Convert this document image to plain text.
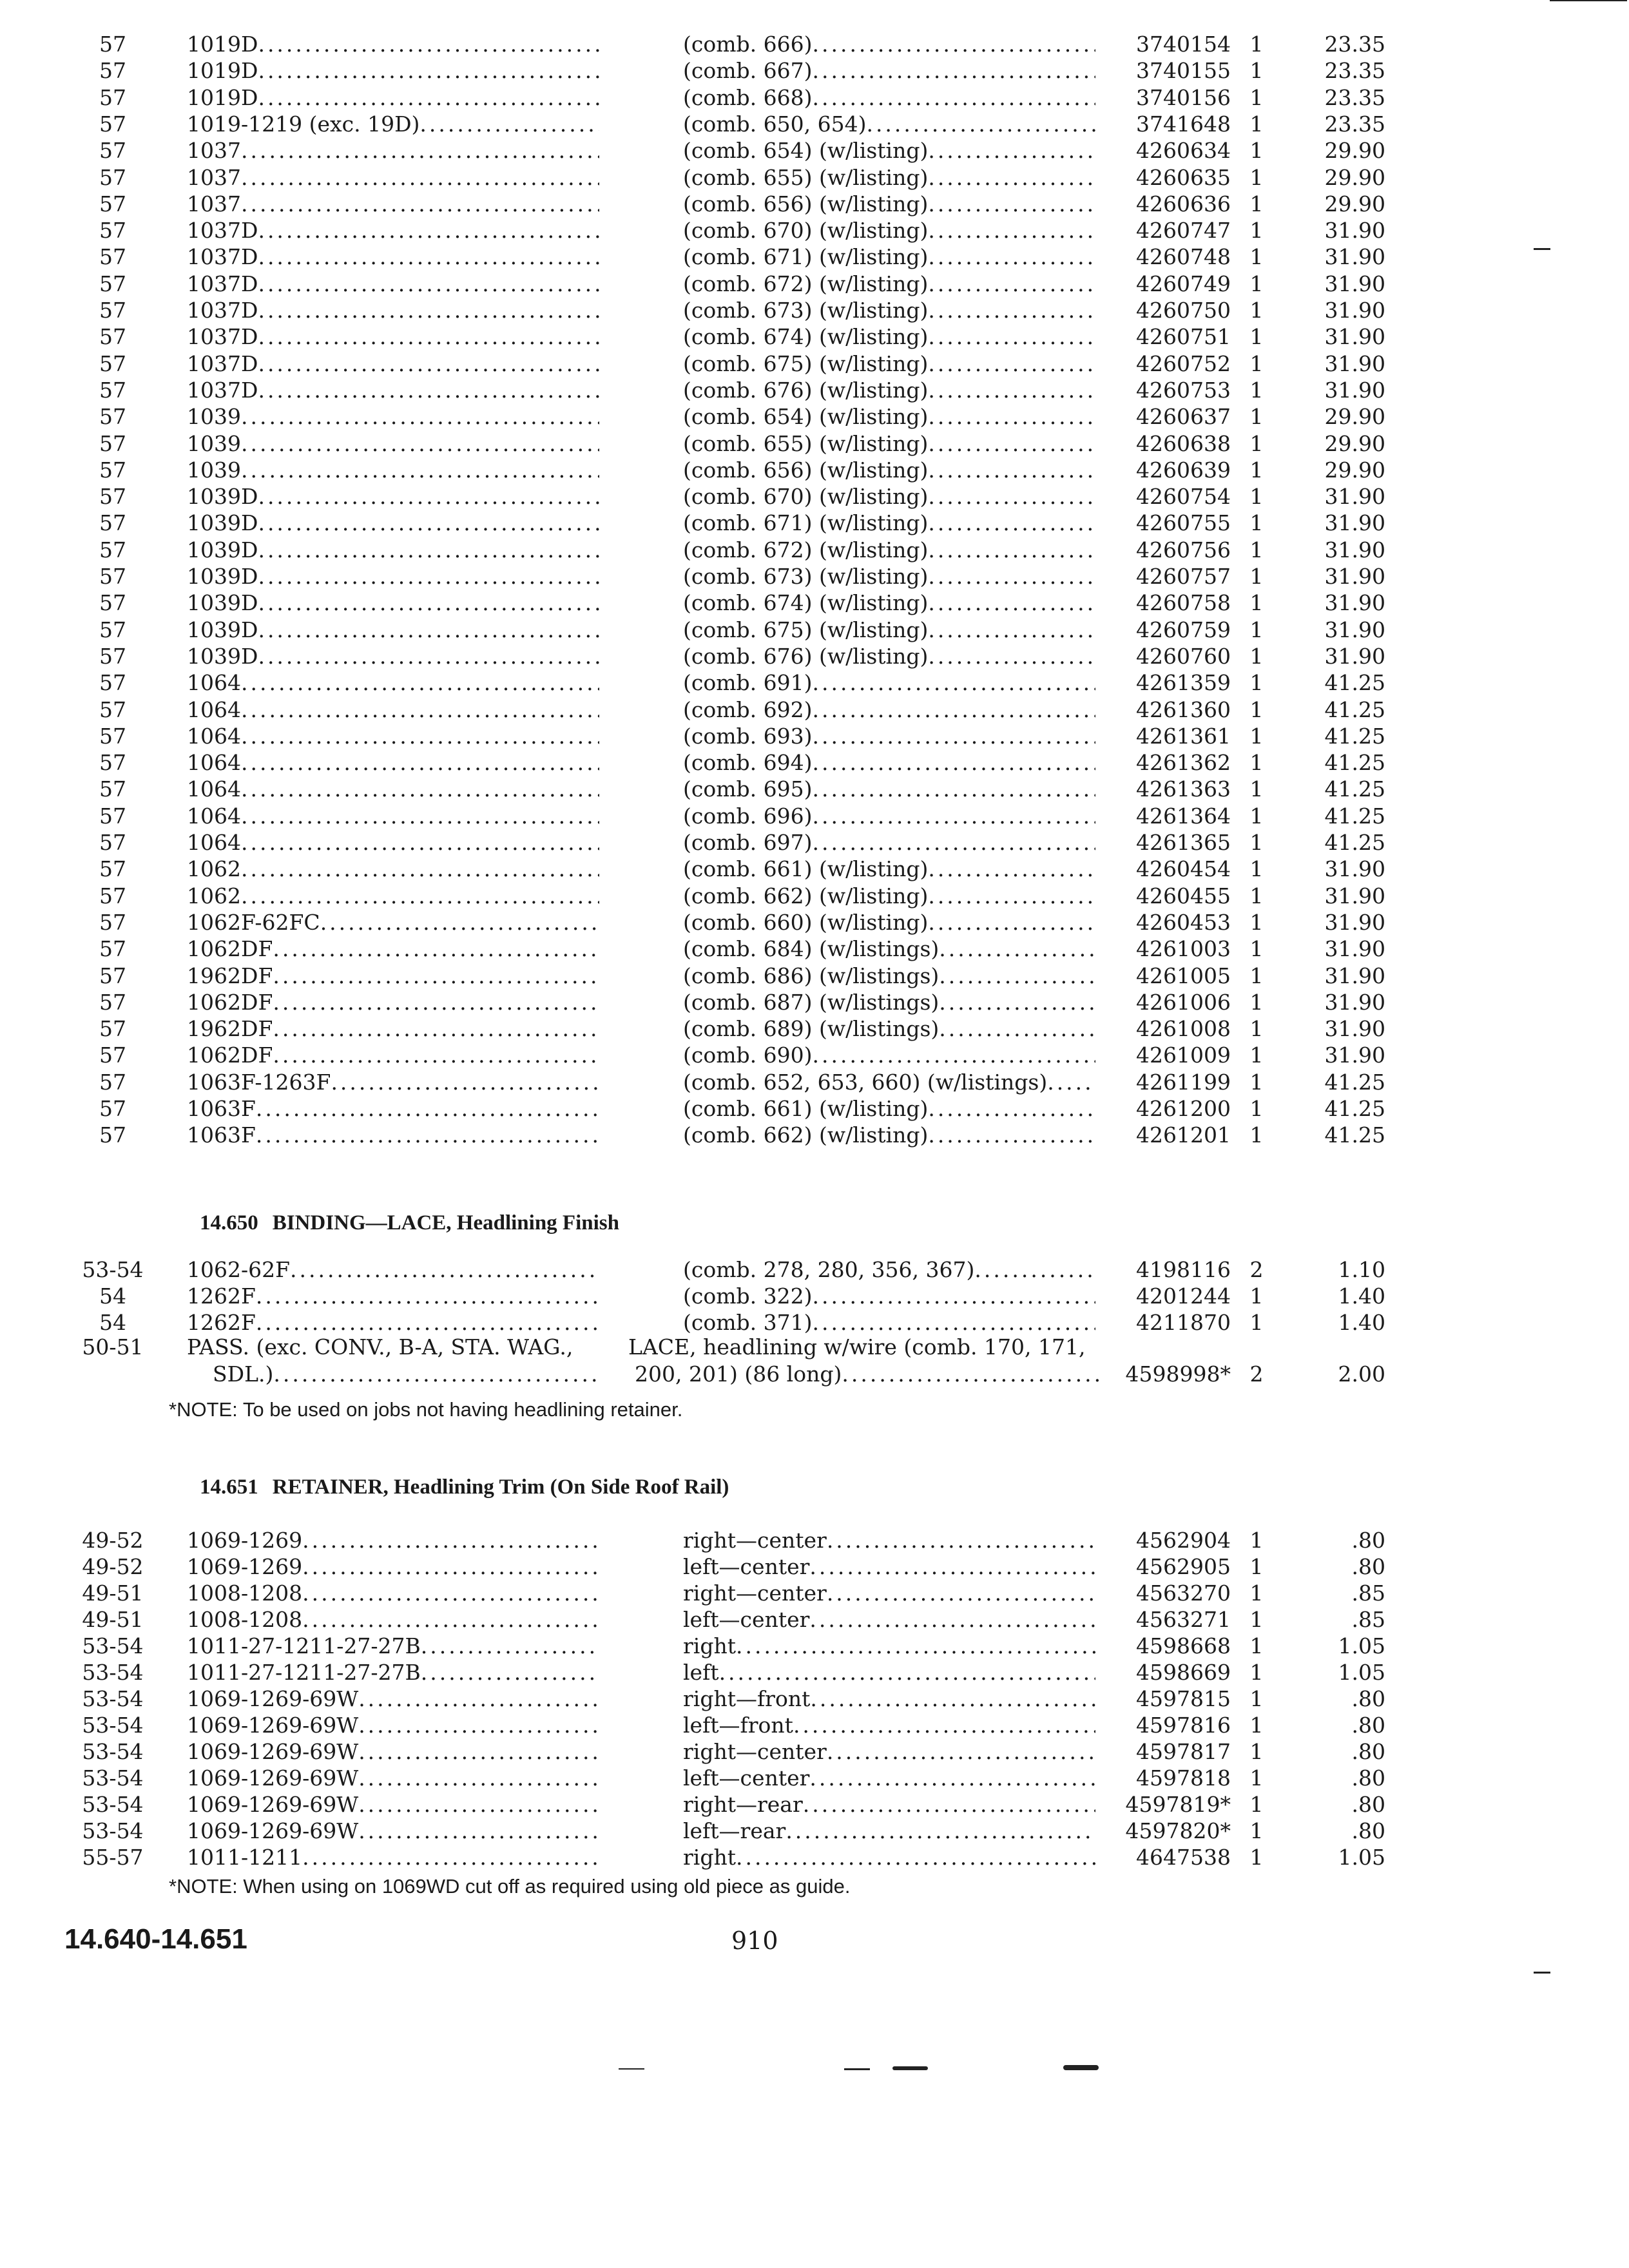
57	1019D .....	(comb. 666) .....	3740154 1	23.35
57	1019D .....	(comb. 667) .....	3740155 1	23.35
57	1019D .....	(comb. 668) .....	3740156 1	23.35
57	1019-1219 (exc. 19D) .....	(comb. 650, 654) .....	3741648 1	23.35
57	1037 .....	(comb. 654) (w/listing) .....	4260634 1	29.90
57	1037 .....	(comb. 655) (w/listing) .....	4260635 1	29.90
57	1037 .....	(comb. 656) (w/listing) .....	4260636 1	29.90
57	1037D .....	(comb. 670) (w/listing) .....	4260747 1	31.90
57	1037D .....	(comb. 671) (w/listing) .....	4260748 1	31.90
57	1037D .....	(comb. 672) (w/listing) .....	4260749 1	31.90
57	1037D .....	(comb. 673) (w/listing) .....	4260750 1	31.90
57	1037D .....	(comb. 674) (w/listing) .....	4260751 1	31.90
57	1037D .....	(comb. 675) (w/listing) .....	4260752 1	31.90
57	1037D .....	(comb. 676) (w/listing) .....	4260753 1	31.90
57	1039 .....	(comb. 654) (w/listing) .....	4260637 1	29.90
57	1039 .....	(comb. 655) (w/listing) .....	4260638 1	29.90
57	1039 .....	(comb. 656) (w/listing) .....	4260639 1	29.90
57	1039D .....	(comb. 670) (w/listing) .....	4260754 1	31.90
57	1039D .....	(comb. 671) (w/listing) .....	4260755 1	31.90
57	1039D .....	(comb. 672) (w/listing) .....	4260756 1	31.90
57	1039D .....	(comb. 673) (w/listing) .....	4260757 1	31.90
57	1039D .....	(comb. 674) (w/listing) .....	4260758 1	31.90
57	1039D .....	(comb. 675) (w/listing) .....	4260759 1	31.90
57	1039D .....	(comb. 676) (w/listing) .....	4260760 1	31.90
57	1064 .....	(comb. 691) .....	4261359 1	41.25
57	1064 .....	(comb. 692) .....	4261360 1	41.25
57	1064 .....	(comb. 693) .....	4261361 1	41.25
57	1064 .....	(comb. 694) .....	4261362 1	41.25
57	1064 .....	(comb. 695) .....	4261363 1	41.25
57	1064 .....	(comb. 696) .....	4261364 1	41.25
57	1064 .....	(comb. 697) .....	4261365 1	41.25
57	1062 .....	(comb. 661) (w/listing) .....	4260454 1	31.90
57	1062 .....	(comb. 662) (w/listing) .....	4260455 1	31.90
57	1062F-62FC .....	(comb. 660) (w/listing) .....	4260453 1	31.90
57	1062DF .....	(comb. 684) (w/listings) .....	4261003 1	31.90
57	1962DF .....	(comb. 686) (w/listings) .....	4261005 1	31.90
57	1062DF .....	(comb. 687) (w/listings) .....	4261006 1	31.90
57	1962DF .....	(comb. 689) (w/listings) .....	4261008 1	31.90
57	1062DF .....	(comb. 690) .....	4261009 1	31.90
57	1063F-1263F .....	(comb. 652, 653, 660) (w/listings) .....	4261199 1	41.25
57	1063F .....	(comb. 661) (w/listing) .....	4261200 1	41.25
57	1063F .....	(comb. 662) (w/listing) .....	4261201 1	41.25
14.650 BINDING—LACE, Headlining Finish
53-54 1062-62F .....	(comb. 278, 280, 356, 367) .....	4198116 2	1.10
54	1262F .....	(comb. 322) .....	4201244 1	1.40
54	1262F .....	(comb. 371) .....	4211870 1	1.40
50-51 PASS. (exc. CONV., B-A, STA. WAG.,	LACE, headlining w/wire (comb. 170, 171,
SDL.) .....	200, 201) (86 long) .....	4598998* 2	2.00
*NOTE: To be used on jobs not having headlining retainer.
14.651 RETAINER, Headlining Trim (On Side Roof Rail)
49-52 1069-1269 .....	right—center .....	4562904 1	.80
49-52 1069-1269 .....	left—center .....	4562905 1	.80
49-51 1008-1208 .....	right—center .....	4563270 1	.85
49-51 1008-1208 .....	left—center .....	4563271 1	.85
53-54 1011-27-1211-27-27B .....	right .....	4598668 1	1.05
53-54 1011-27-1211-27-27B .....	left .....	4598669 1	1.05
53-54 1069-1269-69W .....	right—front .....	4597815 1	.80
53-54 1069-1269-69W .....	left—front .....	4597816 1	.80
53-54 1069-1269-69W .....	right—center .....	4597817 1	.80
53-54 1069-1269-69W .....	left—center .....	4597818 1	.80
53-54 1069-1269-69W .....	right—rear .....	4597819* 1	.80
53-54 1069-1269-69W .....	left—rear .....	4597820* 1	.80
55-57 1011-1211 .....	right .....	4647538 1	1.05
*NOTE: When using on 1069WD cut off as required using old piece as guide.
14.640-14.651	910
